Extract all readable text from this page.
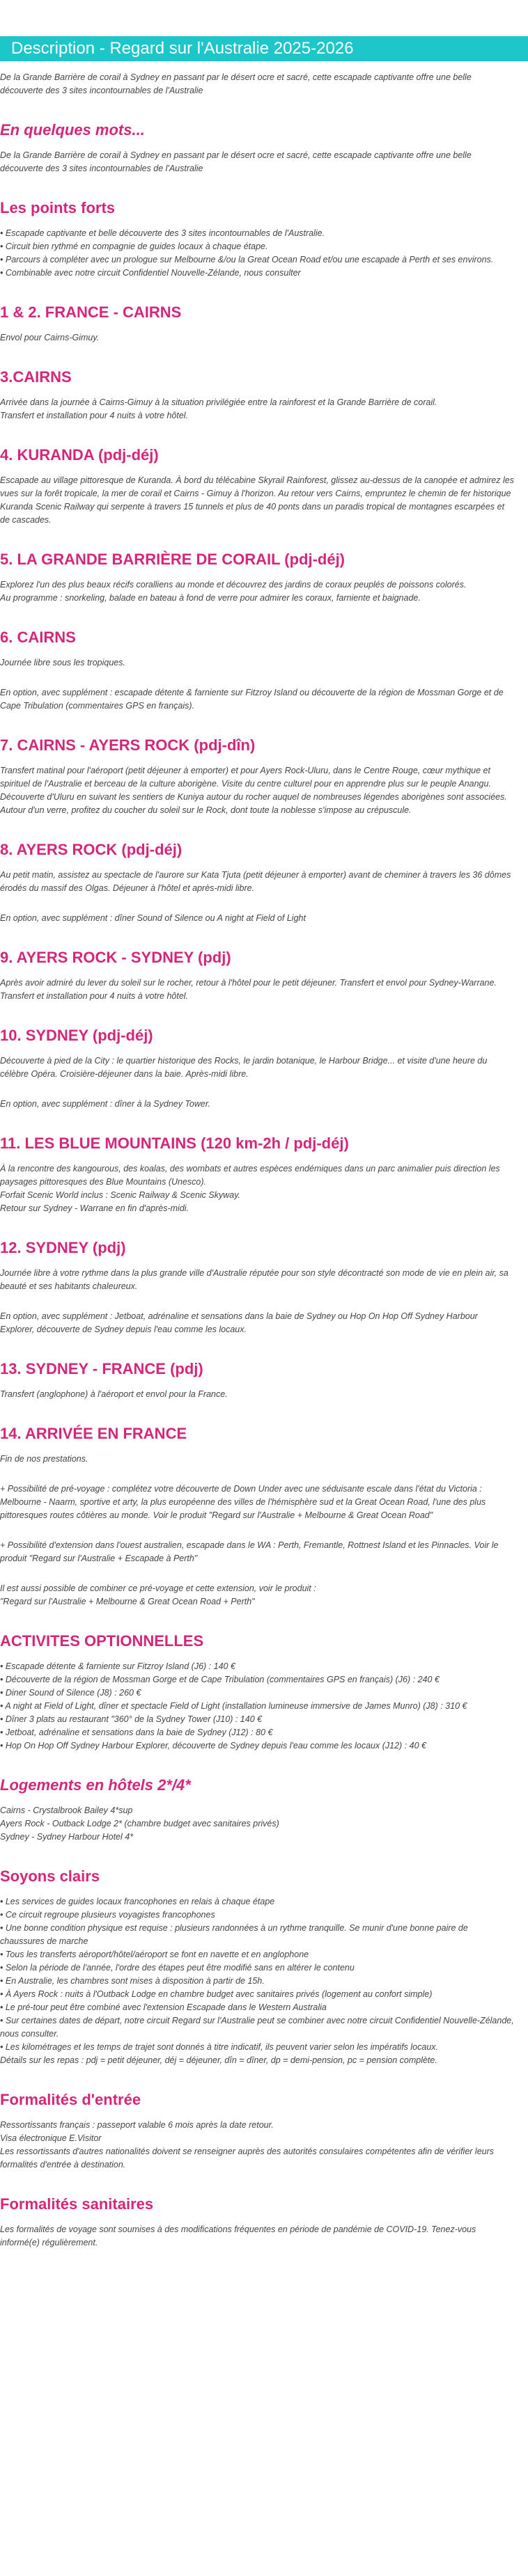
Description - Regard sur l'Australie 2025-2026

De la Grande Barrière de corail à Sydney en passant par le désert ocre et sacré, cette escapade captivante offre une belle découverte des 3 sites incontournables de l'Australie

En quelques mots...

De la Grande Barrière de corail à Sydney en passant par le désert ocre et sacré, cette escapade captivante offre une belle découverte des 3 sites incontournables de l'Australie

Les points forts
• Escapade captivante et belle découverte des 3 sites incontournables de l'Australie.
• Circuit bien rythmé en compagnie de guides locaux à chaque étape.
• Parcours à compléter avec un prologue sur Melbourne &/ou la Great Ocean Road et/ou une escapade à Perth et ses environs.
• Combinable avec notre circuit Confidentiel Nouvelle-Zélande, nous consulter
1 & 2. FRANCE - CAIRNS

Envol pour Cairns-Gimuy.

3.CAIRNS

Arrivée dans la journée à Cairns-Gimuy à la situation privilégiée entre la rainforest et la Grande Barrière de corail.

Transfert et installation pour 4 nuits à votre hôtel.

4. KURANDA (pdj-déj)

Escapade au village pittoresque de Kuranda. À bord du télécabine Skyrail Rainforest, glissez au-dessus de la canopée et admirez les vues sur la forêt tropicale, la mer de corail et Cairns - Gimuy à l'horizon. Au retour vers Cairns, empruntez le chemin de fer historique Kuranda Scenic Railway qui serpente à travers 15 tunnels et plus de 40 ponts dans un paradis tropical de montagnes escarpées et de cascades.

5. LA GRANDE BARRIÈRE DE CORAIL (pdj-déj)

Explorez l'un des plus beaux récifs coralliens au monde et découvrez des jardins de coraux peuplés de poissons colorés.

Au programme : snorkeling, balade en bateau à fond de verre pour admirer les coraux, farniente et baignade.

6. CAIRNS

Journée libre sous les tropiques.

En option, avec supplément : escapade détente & farniente sur Fitzroy Island ou découverte de la région de Mossman Gorge et de Cape Tribulation (commentaires GPS en français).

7. CAIRNS - AYERS ROCK (pdj-dîn)

Transfert matinal pour l'aéroport (petit déjeuner à emporter) et pour Ayers Rock-Uluru, dans le Centre Rouge, cœur mythique et spirituel de l'Australie et berceau de la culture aborigène. Visite du centre culturel pour en apprendre plus sur le peuple Anangu. Découverte d'Uluru en suivant les sentiers de Kuniya autour du rocher auquel de nombreuses légendes aborigènes sont associées. Autour d'un verre, profitez du coucher du soleil sur le Rock, dont toute la noblesse s'impose au crépuscule.

8. AYERS ROCK (pdj-déj)

Au petit matin, assistez au spectacle de l'aurore sur Kata Tjuta (petit déjeuner à emporter) avant de cheminer à travers les 36 dômes érodés du massif des Olgas. Déjeuner à l'hôtel et après-midi libre.

En option, avec supplément : dîner Sound of Silence ou A night at Field of Light

9. AYERS ROCK - SYDNEY (pdj)

Après avoir admiré du lever du soleil sur le rocher, retour à l'hôtel pour le petit déjeuner. Transfert et envol pour Sydney-Warrane.

Transfert et installation pour 4 nuits à votre hôtel.

10. SYDNEY (pdj-déj)

Découverte à pied de la City : le quartier historique des Rocks, le jardin botanique, le Harbour Bridge... et visite d'une heure du célèbre Opéra. Croisière-déjeuner dans la baie. Après-midi libre.

En option, avec supplément : dîner à la Sydney Tower.

11. LES BLUE MOUNTAINS (120 km-2h / pdj-déj)

À la rencontre des kangourous, des koalas, des wombats et autres espèces endémiques dans un parc animalier puis direction les paysages pittoresques des Blue Mountains (Unesco).

Forfait Scenic World inclus : Scenic Railway & Scenic Skyway.

Retour sur Sydney - Warrane en fin d'après-midi.

12. SYDNEY (pdj)

Journée libre à votre rythme dans la plus grande ville d'Australie réputée pour son style décontracté son mode de vie en plein air, sa beauté et ses habitants chaleureux.

En option, avec supplément : Jetboat, adrénaline et sensations dans la baie de Sydney ou Hop On Hop Off Sydney Harbour Explorer, découverte de Sydney depuis l'eau comme les locaux.

13. SYDNEY - FRANCE (pdj)

Transfert (anglophone) à l'aéroport et envol pour la France.

14. ARRIVÉE EN FRANCE

Fin de nos prestations.

+ Possibilité de pré-voyage : complétez votre découverte de Down Under avec une séduisante escale dans l'état du Victoria : Melbourne - Naarm, sportive et arty, la plus européenne des villes de l'hémisphère sud et la Great Ocean Road, l'une des plus pittoresques routes côtières au monde. Voir le produit "Regard sur l'Australie + Melbourne & Great Ocean Road"

+ Possibilité d'extension dans l'ouest australien, escapade dans le WA : Perth, Fremantle, Rottnest Island et les Pinnacles. Voir le produit "Regard sur l'Australie + Escapade à Perth"

Il est aussi possible de combiner ce pré-voyage et cette extension, voir le produit :

"Regard sur l'Australie + Melbourne & Great Ocean Road + Perth"

ACTIVITES OPTIONNELLES
• Escapade détente & farniente sur Fitzroy Island (J6) : 140 €
• Découverte de la région de Mossman Gorge et de Cape Tribulation (commentaires GPS en français) (J6) : 240 €
• Diner Sound of Silence (J8) : 260 €
• A night at Field of Light, dîner et spectacle Field of Light (installation lumineuse immersive de James Munro) (J8) : 310 €
• Dîner 3 plats au restaurant "360° de la Sydney Tower (J10) : 140 €
• Jetboat, adrénaline et sensations dans la baie de Sydney (J12) : 80 €
• Hop On Hop Off Sydney Harbour Explorer, découverte de Sydney depuis l'eau comme les locaux (J12) : 40 €
Logements en hôtels 2*/4*

Cairns - Crystalbrook Bailey 4*sup

Ayers Rock - Outback Lodge 2* (chambre budget avec sanitaires privés)

Sydney - Sydney Harbour Hotel 4*

Soyons clairs
• Les services de guides locaux francophones en relais à chaque étape
• Ce circuit regroupe plusieurs voyagistes francophones
• Une bonne condition physique est requise : plusieurs randonnées à un rythme tranquille. Se munir d'une bonne paire de chaussures de marche
• Tous les transferts aéroport/hôtel/aéroport se font en navette et en anglophone
• Selon la période de l'année, l'ordre des étapes peut être modifié sans en altérer le contenu
• En Australie, les chambres sont mises à disposition à partir de 15h.
• À Ayers Rock : nuits à l'Outback Lodge en chambre budget avec sanitaires privés (logement au confort simple)
• Le pré-tour peut être combiné avec l'extension Escapade dans le Western Australia
• Sur certaines dates de départ, notre circuit Regard sur l'Australie peut se combiner avec notre circuit Confidentiel Nouvelle-Zélande, nous consulter.
• Les kilométrages et les temps de trajet sont donnés à titre indicatif, ils peuvent varier selon les impératifs locaux.

Détails sur les repas : pdj = petit déjeuner, déj = déjeuner, dîn = dîner, dp = demi-pension, pc = pension complète.

Formalités d'entrée

Ressortissants français : passeport valable 6 mois après la date retour.

Visa électronique E.Visitor

Les ressortissants d'autres nationalités doivent se renseigner auprès des autorités consulaires compétentes afin de vérifier leurs formalités d'entrée à destination.

Formalités sanitaires

Les formalités de voyage sont soumises à des modifications fréquentes en période de pandémie de COVID-19. Tenez-vous informé(e) régulièrement.
